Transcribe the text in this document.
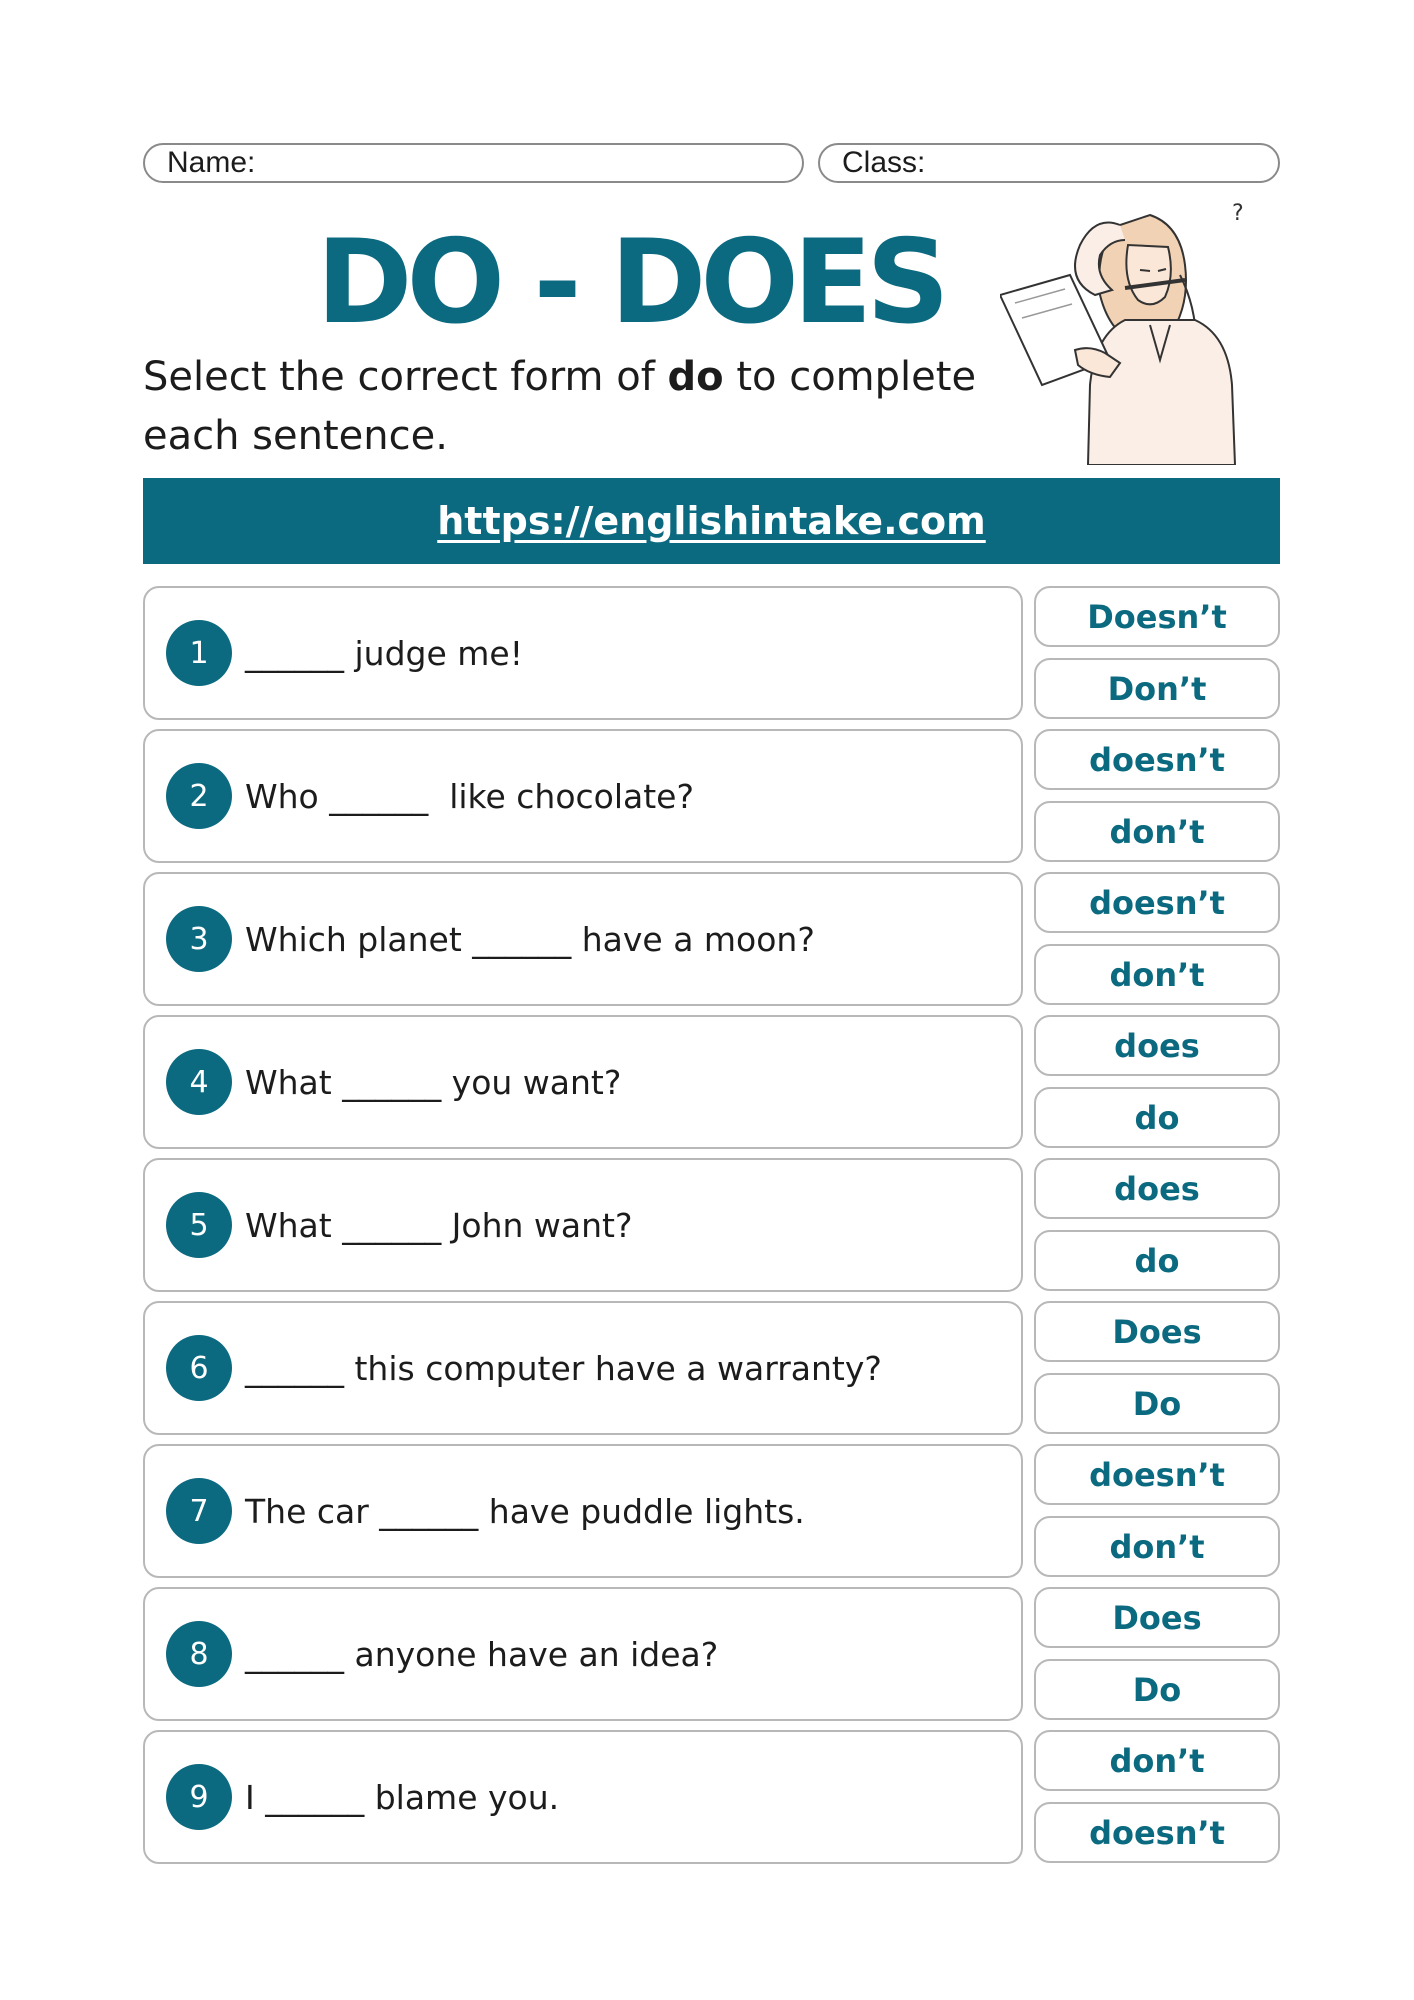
Name:	Class:
DO - DOES

Select the correct form of do to complete each sentence.

?
https://englishintake.com
1	______ judge me!
Doesn’t
Don’t
2	Who ______  like chocolate?
doesn’t
don’t
3	Which planet ______ have a moon?
doesn’t
don’t
4	What ______ you want?
does
do
5	What ______ John want?
does
do
6	______ this computer have a warranty?
Does
Do
7	The car ______ have puddle lights.
doesn’t
don’t
8	______ anyone have an idea?
Does
Do
9	I ______ blame you.
don’t
doesn’t
